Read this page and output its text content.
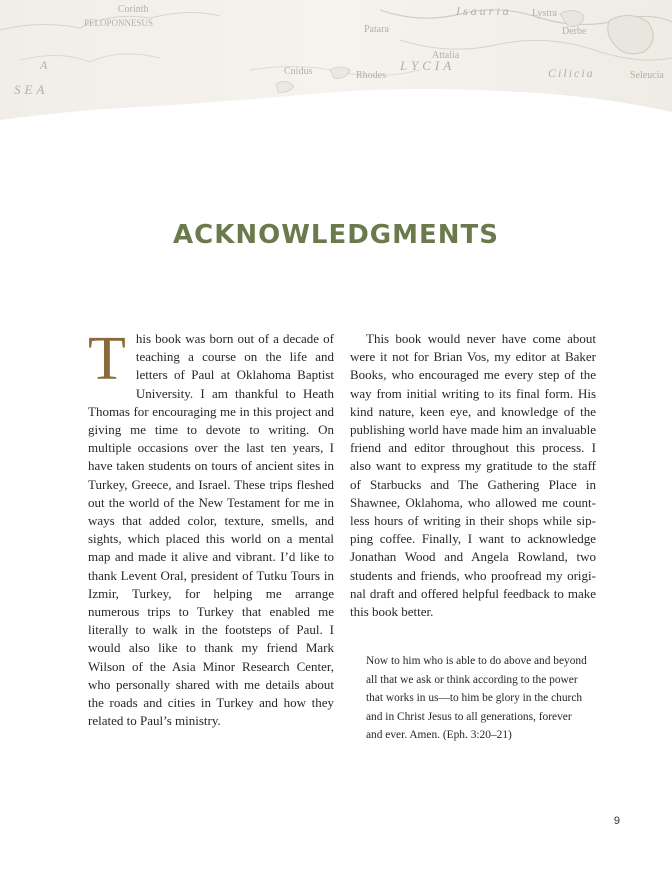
Corinth
PELOPONNESUS
SEA
A
Patara
Rhodes
Cnidus	LYCIA
Lystra
Derbe
Attalia
Isauria
Cilicia	Seleucia
ACKNOWLEDGMENTS

This book was born out of a decade of teaching a course on the life and letters of Paul at Oklahoma Baptist University. I am thankful to Heath Thomas for encouraging me in this project and giving me time to devote to writing. On multiple occasions over the last ten years, I have taken students on tours of ancient sites in Turkey, Greece, and Israel. These trips fleshed out the world of the New Testament for me in ways that added color, texture, smells, and sights, which placed this world on a mental map and made it alive and vibrant. I’d like to thank Levent Oral, president of Tutku Tours in Izmir, Turkey, for helping me arrange numerous trips to Turkey that enabled me literally to walk in the footsteps of Paul. I would also like to thank my friend Mark Wilson of the Asia Minor Research Center, who personally shared with me details about the roads and cities in Turkey and how they related to Paul’s ministry.

This book would never have come about were it not for Brian Vos, my editor at Baker Books, who encouraged me every step of the way from initial writing to its final form. His kind nature, keen eye, and knowledge of the publishing world have made him an invaluable friend and editor throughout this process. I also want to express my gratitude to the staff of Starbucks and The Gathering Place in Shawnee, Oklahoma, who allowed me countless hours of writing in their shops while sipping coffee. Finally, I want to acknowledge Jonathan Wood and Angela Rowland, two students and friends, who proofread my original draft and offered helpful feedback to make this book better.

Now to him who is able to do above and beyond all that we ask or think according to the power that works in us—to him be glory in the church and in Christ Jesus to all generations, forever and ever. Amen. (Eph. 3:20–21)
9
